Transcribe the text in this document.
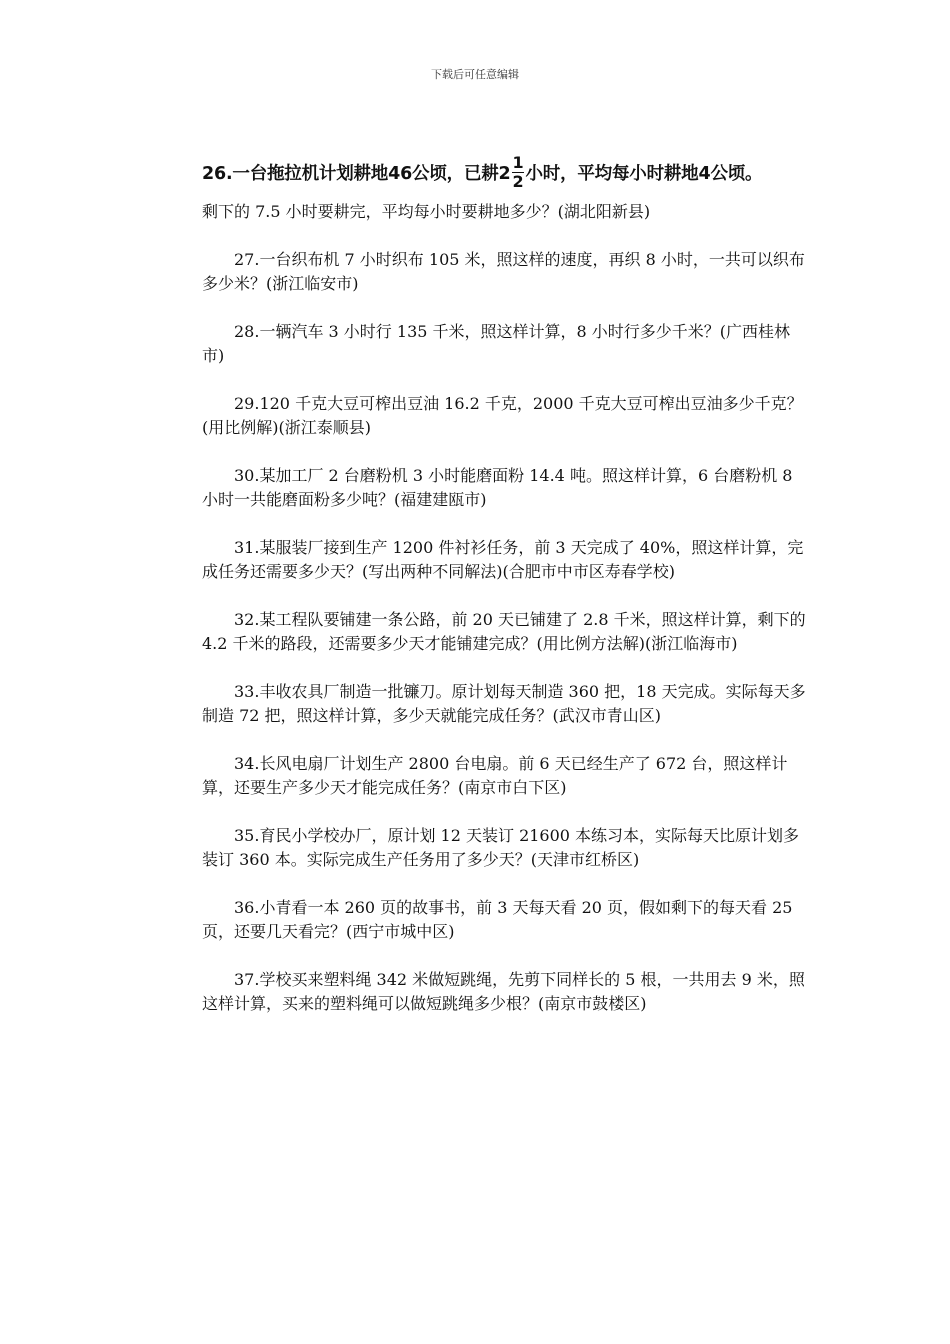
下载后可任意编辑
26.一台拖拉机计划耕地46公顷，已耕$2 \frac{1}{2}$ 小时，平均每小时耕地4公顷。
剩下的 7.5 小时要耕完，平均每小时要耕地多少？(湖北阳新县)

27.一台织布机 7 小时织布 105 米，照这样的速度，再织 8 小时，一共可以织布多少米？(浙江临安市)

28.一辆汽车 3 小时行 135 千米，照这样计算，8 小时行多少千米？(广西桂林市)

29.120 千克大豆可榨出豆油 16.2 千克，2000 千克大豆可榨出豆油多少千克？(用比例解)(浙江泰顺县)

30.某加工厂 2 台磨粉机 3 小时能磨面粉 14.4 吨。照这样计算，6 台磨粉机 8 小时一共能磨面粉多少吨？(福建建瓯市)

31.某服装厂接到生产 1200 件衬衫任务，前 3 天完成了 40%，照这样计算，完成任务还需要多少天？(写出两种不同解法)(合肥市中市区寿春学校)

32.某工程队要铺建一条公路，前 20 天已铺建了 2.8 千米，照这样计算，剩下的 4.2 千米的路段，还需要多少天才能铺建完成？(用比例方法解)(浙江临海市)

33.丰收农具厂制造一批镰刀。原计划每天制造 360 把，18 天完成。实际每天多制造 72 把，照这样计算，多少天就能完成任务？(武汉市青山区)

34.长风电扇厂计划生产 2800 台电扇。前 6 天已经生产了 672 台，照这样计算，还要生产多少天才能完成任务？(南京市白下区)

35.育民小学校办厂，原计划 12 天装订 21600 本练习本，实际每天比原计划多装订 360 本。实际完成生产任务用了多少天？(天津市红桥区)

36.小青看一本 260 页的故事书，前 3 天每天看 20 页，假如剩下的每天看 25 页，还要几天看完？(西宁市城中区)

37.学校买来塑料绳 342 米做短跳绳，先剪下同样长的 5 根，一共用去 9 米，照这样计算，买来的塑料绳可以做短跳绳多少根？(南京市鼓楼区)
